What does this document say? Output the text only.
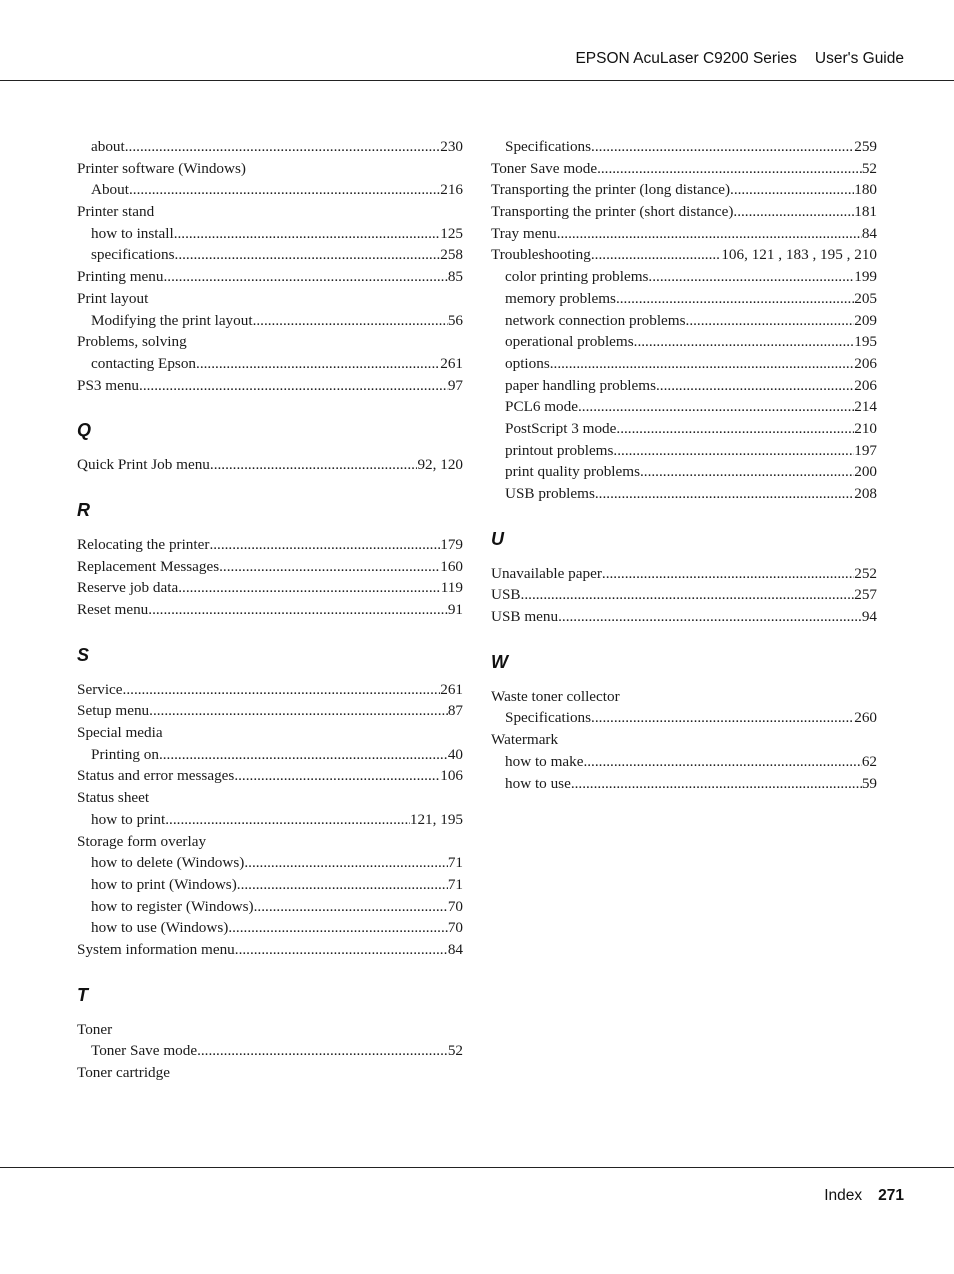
EPSON AcuLaser C9200 Series User's Guide
about .....	230
Printer software (Windows)
About .....	216
Printer stand
how to install .....	125
specifications .....	258
Printing menu .....	85
Print layout
Modifying the print layout .....	56
Problems, solving
contacting Epson .....	261
PS3 menu .....	97
Q
Quick Print Job menu .....	92, 120
R
Relocating the printer .....	179
Replacement Messages .....	160
Reserve job data .....	119
Reset menu .....	91
S
Service .....	261
Setup menu .....	87
Special media
Printing on .....	40
Status and error messages .....	106
Status sheet
how to print .....	121, 195
Storage form overlay
how to delete (Windows) .....	71
how to print (Windows) .....	71
how to register (Windows) .....	70
how to use (Windows) .....	70
System information menu .....	84
T
Toner
Toner Save mode .....	52
Toner cartridge
Specifications .....	259
Toner Save mode .....	52
Transporting the printer (long distance) .....	180
Transporting the printer (short distance) .....	181
Tray menu .....	84
Troubleshooting .....	106, 121 , 183 , 195 , 210
color printing problems .....	199
memory problems .....	205
network connection problems .....	209
operational problems .....	195
options .....	206
paper handling problems .....	206
PCL6 mode .....	214
PostScript 3 mode .....	210
printout problems .....	197
print quality problems .....	200
USB problems .....	208
U
Unavailable paper .....	252
USB .....	257
USB menu .....	94
W
Waste toner collector
Specifications .....	260
Watermark
how to make .....	62
how to use .....	59
Index 271
